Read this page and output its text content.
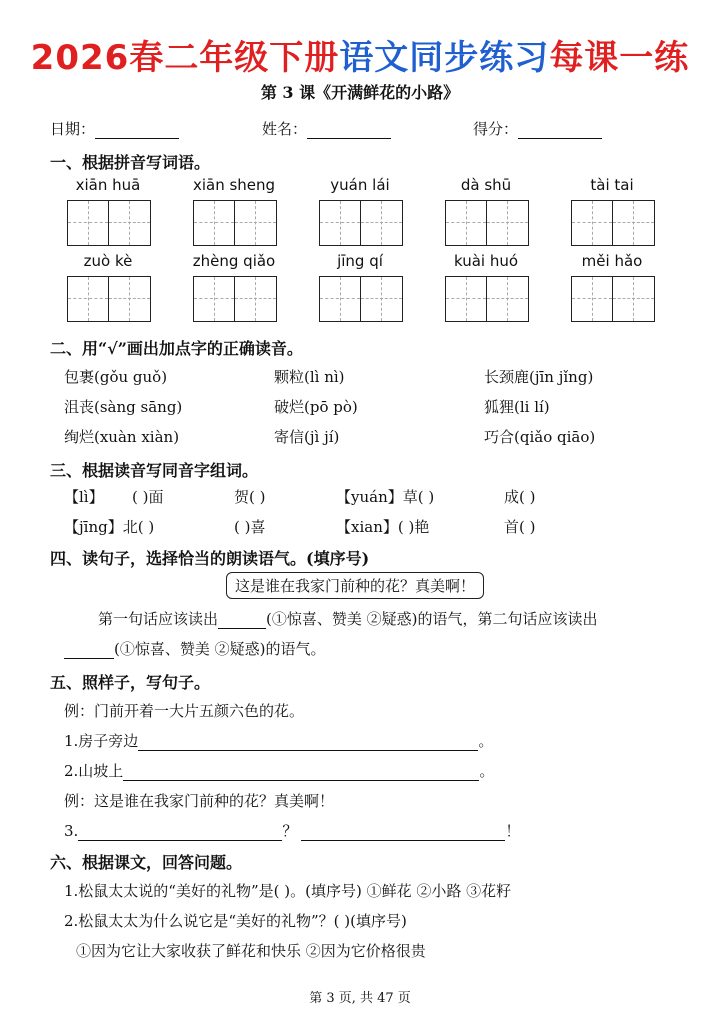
2026春二年级下册语文同步练习每课一练
第 3 课《开满鲜花的小路》
日期：	姓名：	得分：
一、根据拼音写词语。
xiān huā	xiān sheng	yuán lái	dà shū	tài tai
zuò kè	zhèng qiǎo	jīng qí	kuài huó	měi hǎo
二、用“√”画出加点字的正确读音。
包裹(gǒu guǒ)	颗粒(lì nì)	长颈鹿(jīn jǐng)
沮丧(sàng sāng)	破烂(pō pò)	狐狸(li lí)
绚烂(xuàn xiàn)	寄信(jì jí)	巧合(qiǎo qiāo)
三、根据读音写同音字组词。
【lì】 ( )面	贺( )	【yuán】草( )	成( )
【jīng】北( )	( )喜	【xian】( )艳	首( )
四、读句子，选择恰当的朗读语气。(填序号)
这是谁在我家门前种的花？真美啊！
第一句话应该读出	(①惊喜、赞美 ②疑惑)的语气，第二句话应该读出
(①惊喜、赞美 ②疑惑)的语气。
五、照样子，写句子。
例：门前开着一大片五颜六色的花。
1.房子旁边	。
2.山坡上	。
例：这是谁在我家门前种的花？真美啊！
3.	？	！
六、根据课文，回答问题。
1.松鼠太太说的“美好的礼物”是( )。(填序号) ①鲜花 ②小路 ③花籽
2.松鼠太太为什么说它是“美好的礼物”？( )(填序号)
①因为它让大家收获了鲜花和快乐 ②因为它价格很贵
第 3 页, 共 47 页
